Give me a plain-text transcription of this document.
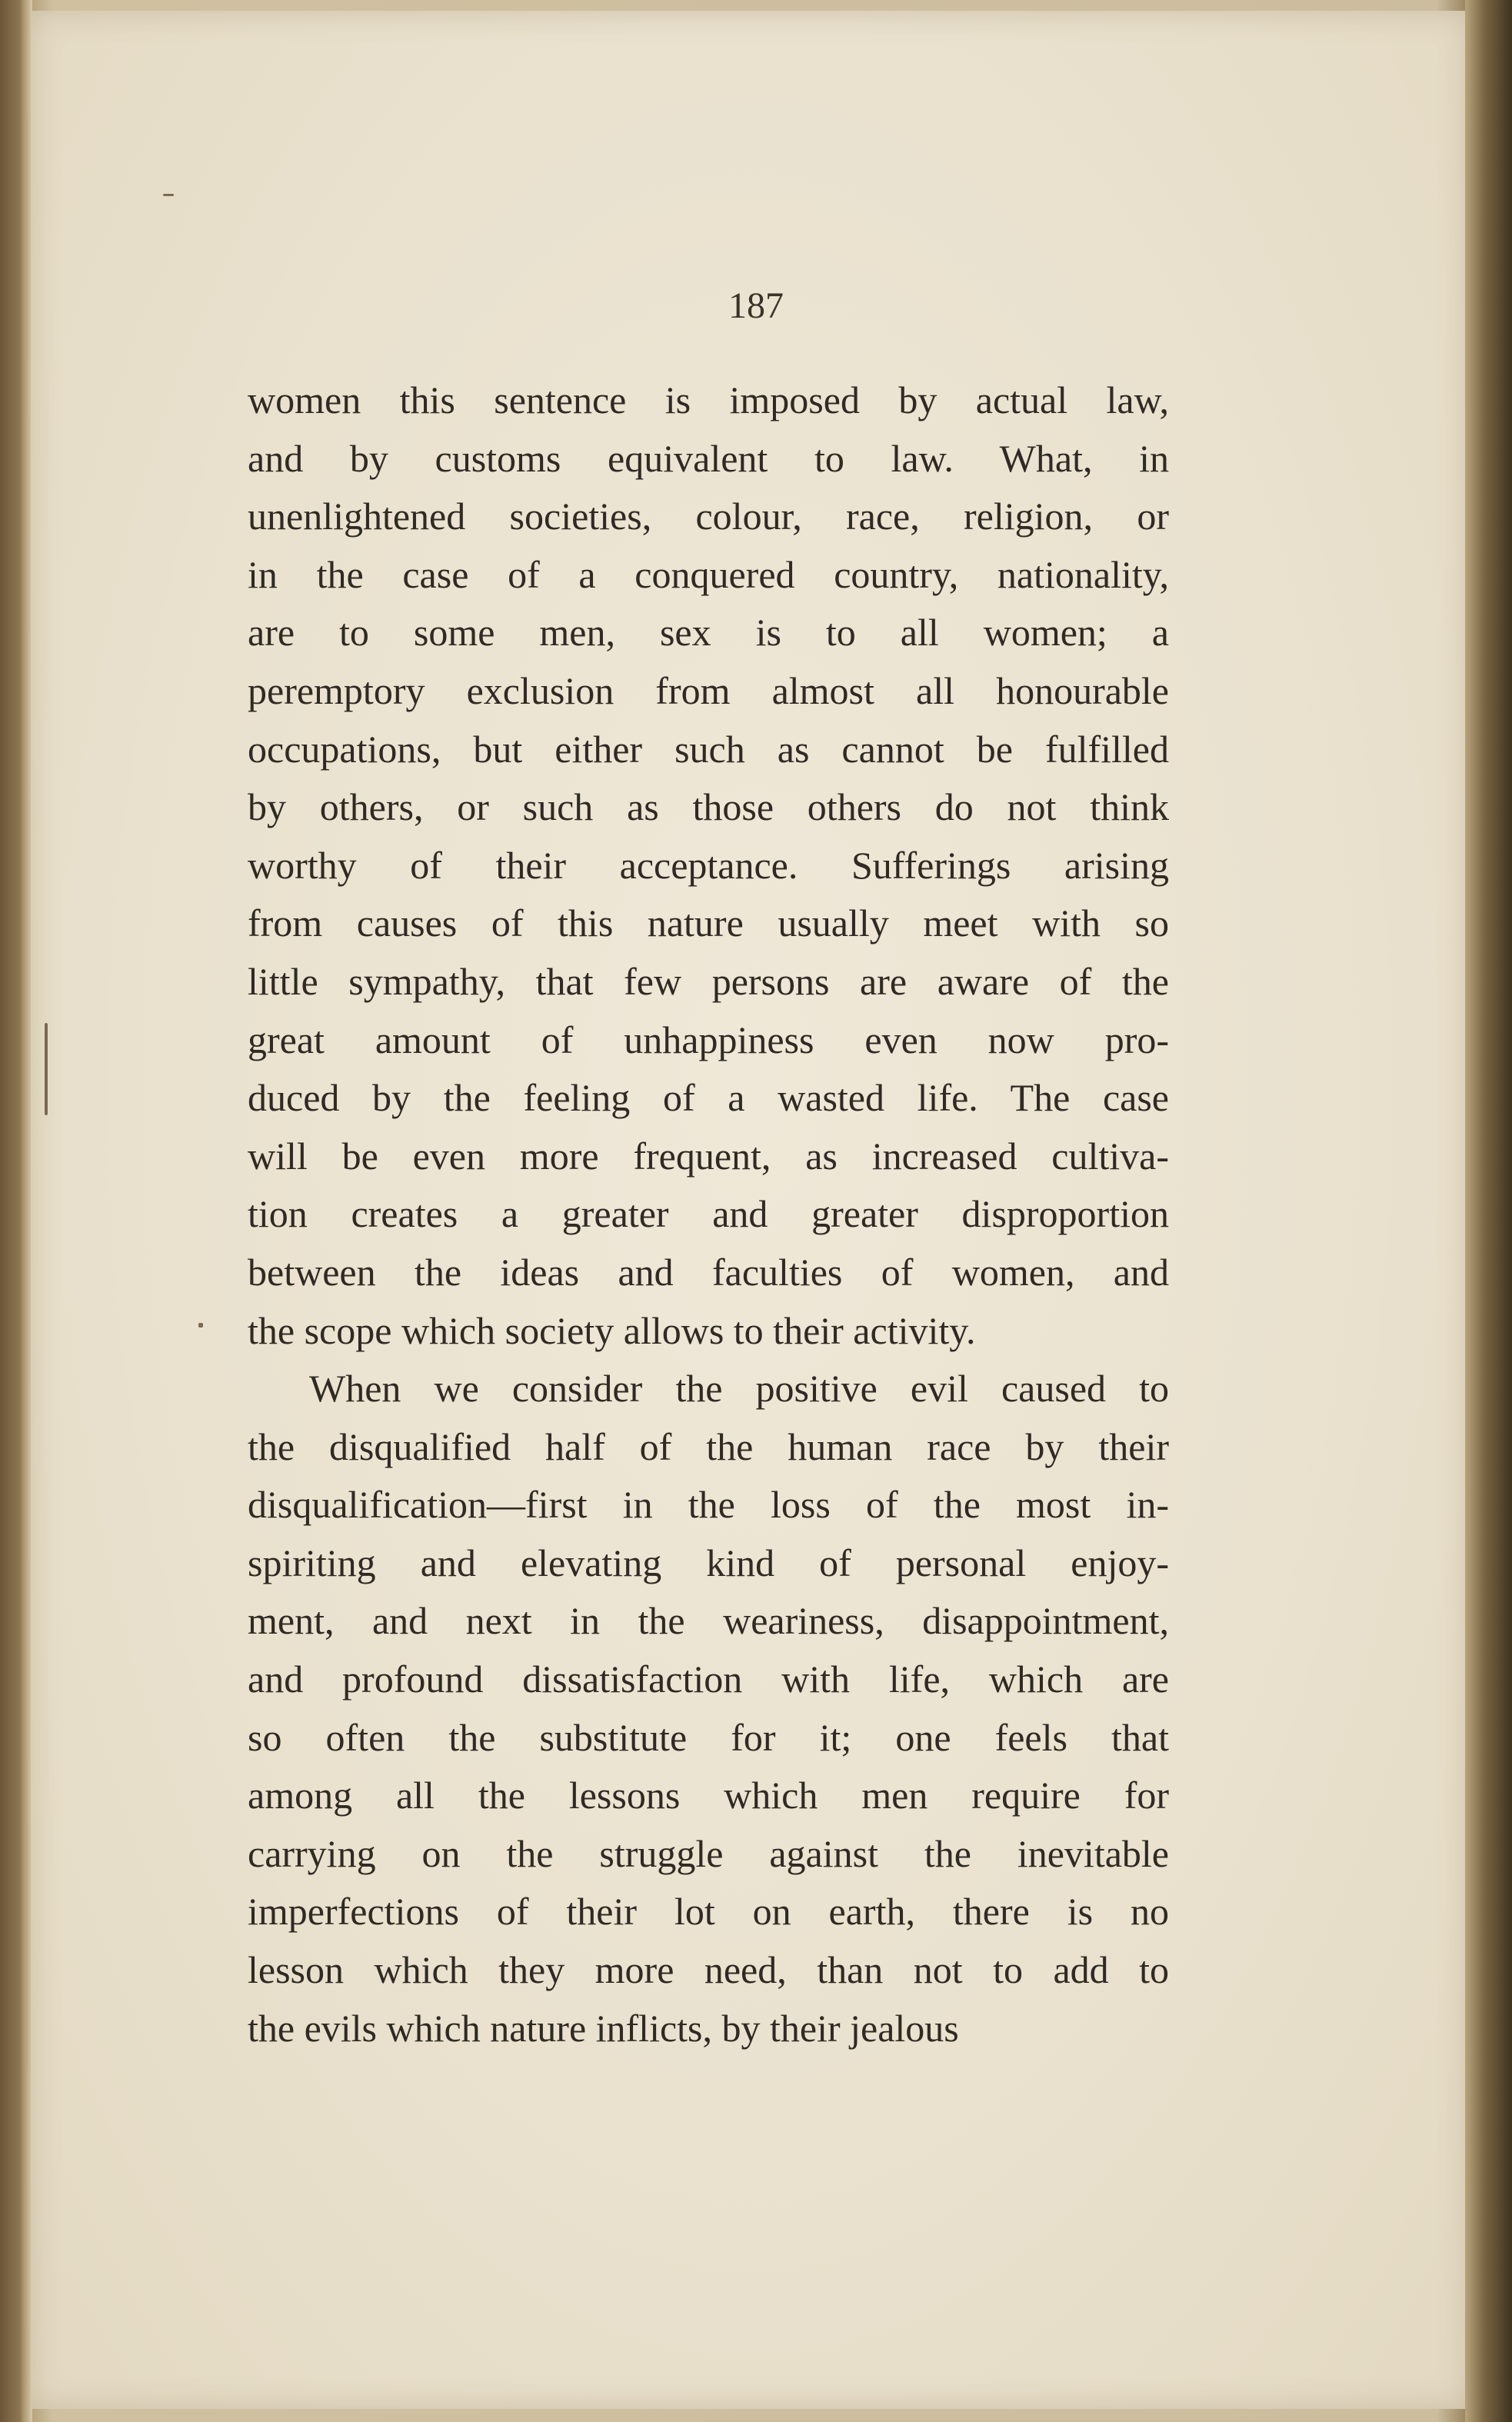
187
women this sentence is imposed by actual law,
and by customs equivalent to law. What, in
unenlightened societies, colour, race, religion, or
in the case of a conquered country, nationality,
are to some men, sex is to all women; a
peremptory exclusion from almost all honourable
occupations, but either such as cannot be fulfilled
by others, or such as those others do not think
worthy of their acceptance. Sufferings arising
from causes of this nature usually meet with so
little sympathy, that few persons are aware of the
great amount of unhappiness even now pro-
duced by the feeling of a wasted life. The case
will be even more frequent, as increased cultiva-
tion creates a greater and greater disproportion
between the ideas and faculties of women, and
the scope which society allows to their activity.
When we consider the positive evil caused to
the disqualified half of the human race by their
disqualification—first in the loss of the most in-
spiriting and elevating kind of personal enjoy-
ment, and next in the weariness, disappointment,
and profound dissatisfaction with life, which are
so often the substitute for it; one feels that
among all the lessons which men require for
carrying on the struggle against the inevitable
imperfections of their lot on earth, there is no
lesson which they more need, than not to add to
the evils which nature inflicts, by their jealous
